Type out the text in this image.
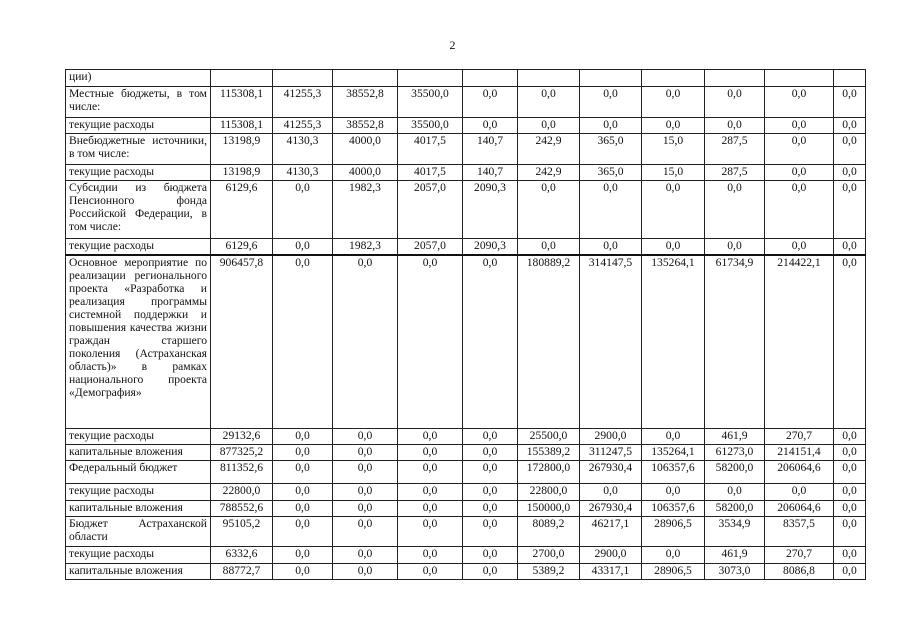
2
ции)											
Местные бюджеты, в том числе:	115308,1	41255,3	38552,8	35500,0	0,0	0,0	0,0	0,0	0,0	0,0	0,0
текущие расходы	115308,1	41255,3	38552,8	35500,0	0,0	0,0	0,0	0,0	0,0	0,0	0,0
Внебюджетные источники, в том числе:	13198,9	4130,3	4000,0	4017,5	140,7	242,9	365,0	15,0	287,5	0,0	0,0
текущие расходы	13198,9	4130,3	4000,0	4017,5	140,7	242,9	365,0	15,0	287,5	0,0	0,0
Субсидии из бюджета Пенсионного фонда Российской Федерации, в том числе:	6129,6	0,0	1982,3	2057,0	2090,3	0,0	0,0	0,0	0,0	0,0	0,0
текущие расходы	6129,6	0,0	1982,3	2057,0	2090,3	0,0	0,0	0,0	0,0	0,0	0,0
Основное мероприятие по реализации регионального проекта «Разработка и реализация программы системной поддержки и повышения качества жизни граждан старшего поколения (Астраханская область)» в рамках национального проекта «Демография»	906457,8	0,0	0,0	0,0	0,0	180889,2	314147,5	135264,1	61734,9	214422,1	0,0
текущие расходы	29132,6	0,0	0,0	0,0	0,0	25500,0	2900,0	0,0	461,9	270,7	0,0
капитальные вложения	877325,2	0,0	0,0	0,0	0,0	155389,2	311247,5	135264,1	61273,0	214151,4	0,0
Федеральный бюджет	811352,6	0,0	0,0	0,0	0,0	172800,0	267930,4	106357,6	58200,0	206064,6	0,0
текущие расходы	22800,0	0,0	0,0	0,0	0,0	22800,0	0,0	0,0	0,0	0,0	0,0
капитальные вложения	788552,6	0,0	0,0	0,0	0,0	150000,0	267930,4	106357,6	58200,0	206064,6	0,0
Бюджет Астраханской области	95105,2	0,0	0,0	0,0	0,0	8089,2	46217,1	28906,5	3534,9	8357,5	0,0
текущие расходы	6332,6	0,0	0,0	0,0	0,0	2700,0	2900,0	0,0	461,9	270,7	0,0
капитальные вложения	88772,7	0,0	0,0	0,0	0,0	5389,2	43317,1	28906,5	3073,0	8086,8	0,0
